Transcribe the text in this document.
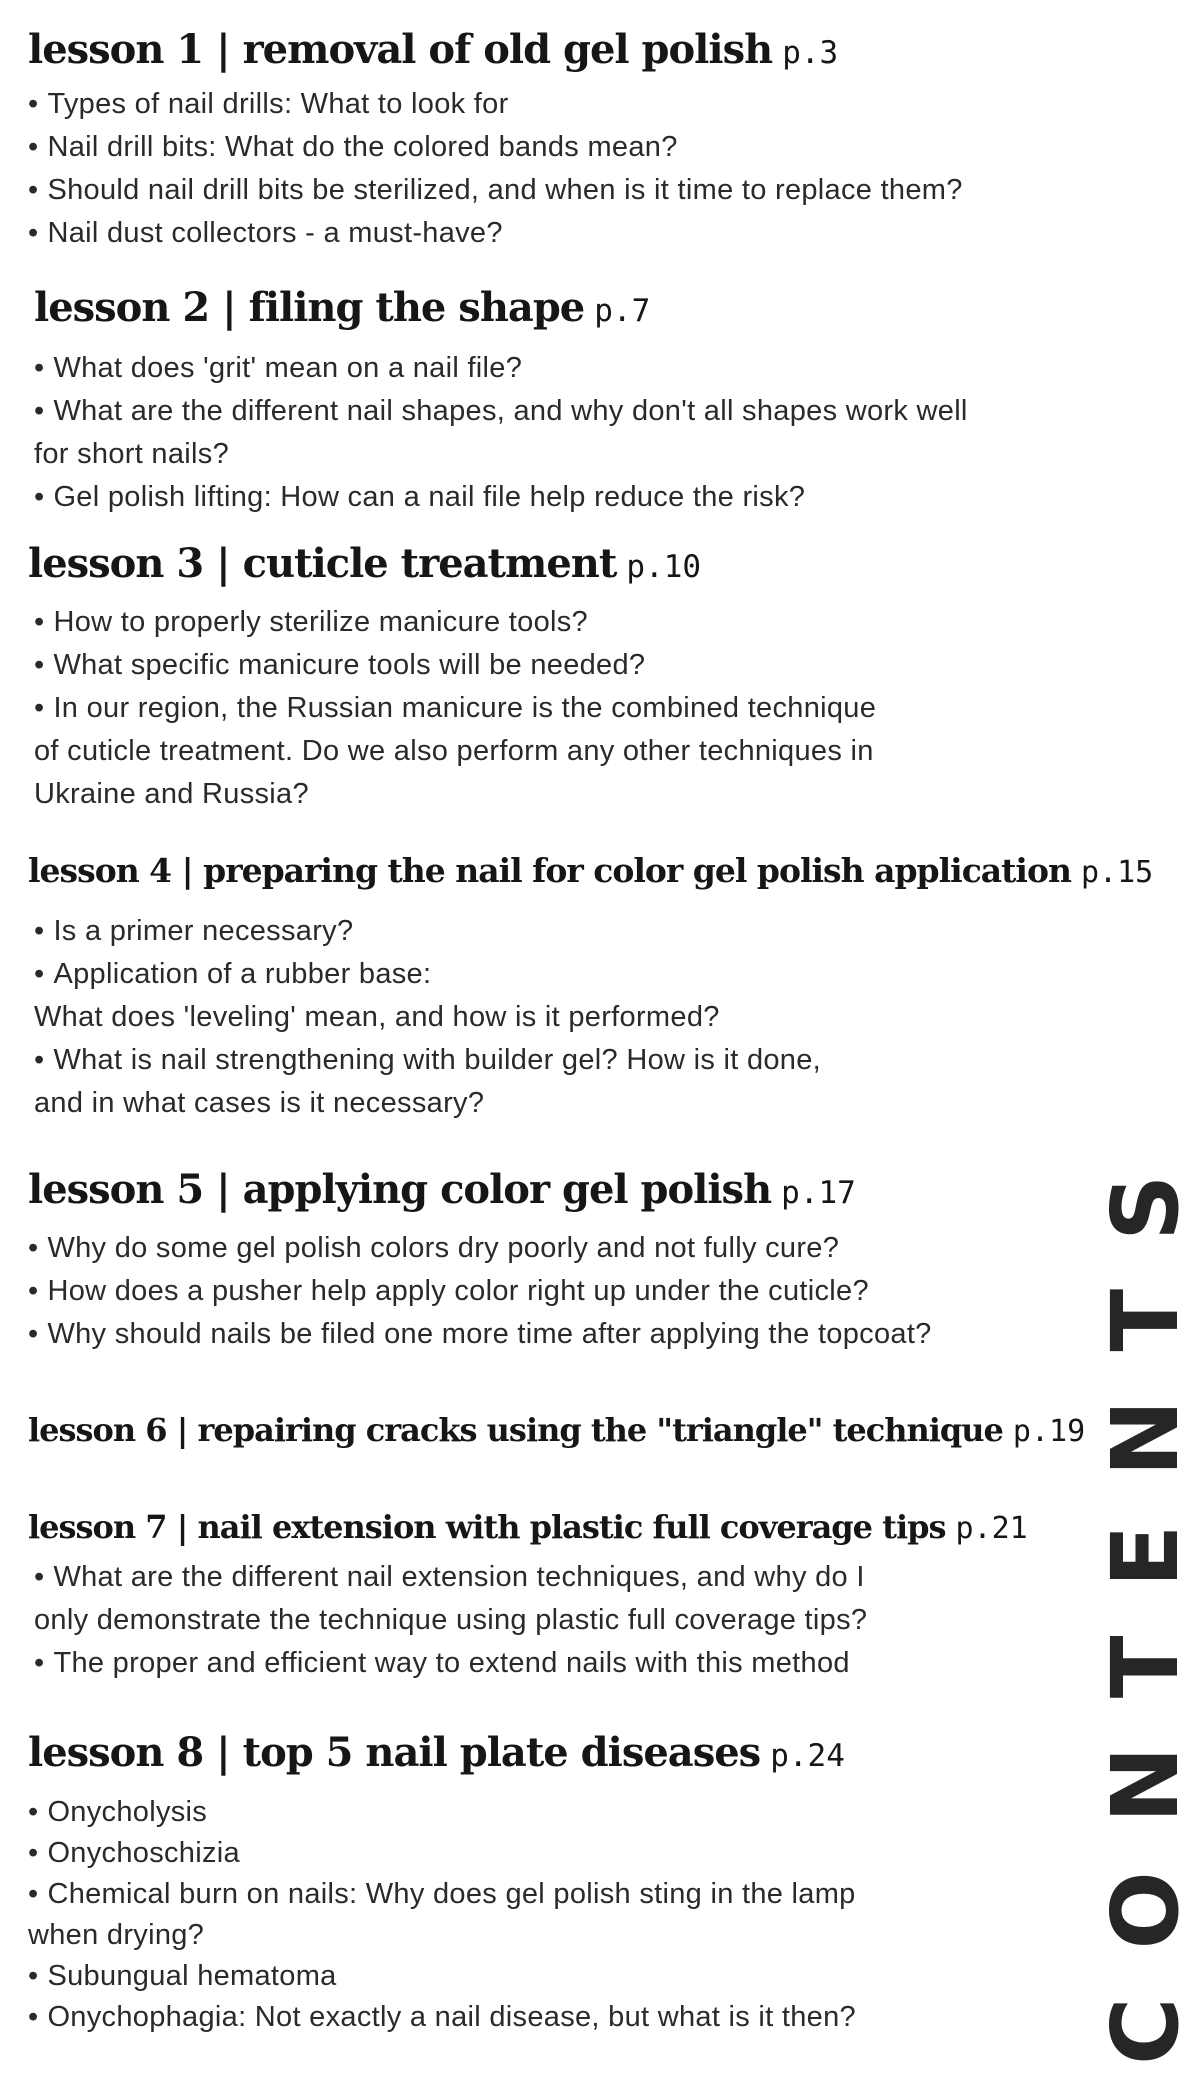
lesson 1 | removal of old gel polish p.3
• Types of nail drills: What to look for
• Nail drill bits: What do the colored bands mean?
• Should nail drill bits be sterilized, and when is it time to replace them?
• Nail dust collectors - a must-have?
lesson 2 | filing the shape p.7
• What does 'grit' mean on a nail file?
• What are the different nail shapes, and why don't all shapes work well
for short nails?
• Gel polish lifting: How can a nail file help reduce the risk?
lesson 3 | cuticle treatment p.10
• How to properly sterilize manicure tools?
• What specific manicure tools will be needed?
• In our region, the Russian manicure is the combined technique
of cuticle treatment. Do we also perform any other techniques in
Ukraine and Russia?
lesson 4 | preparing the nail for color gel polish application p.15
• Is a primer necessary?
• Application of a rubber base:
What does 'leveling' mean, and how is it performed?
• What is nail strengthening with builder gel? How is it done,
and in what cases is it necessary?
lesson 5 | applying color gel polish p.17
• Why do some gel polish colors dry poorly and not fully cure?
• How does a pusher help apply color right up under the cuticle?
• Why should nails be filed one more time after applying the topcoat?
lesson 6 | repairing cracks using the "triangle" technique p.19
lesson 7 | nail extension with plastic full coverage tips p.21
• What are the different nail extension techniques, and why do I
only demonstrate the technique using plastic full coverage tips?
• The proper and efficient way to extend nails with this method
lesson 8 | top 5 nail plate diseases p.24
• Onycholysis
• Onychoschizia
• Chemical burn on nails: Why does gel polish sting in the lamp
when drying?
• Subungual hematoma
• Onychophagia: Not exactly a nail disease, but what is it then?	CONTENTS
